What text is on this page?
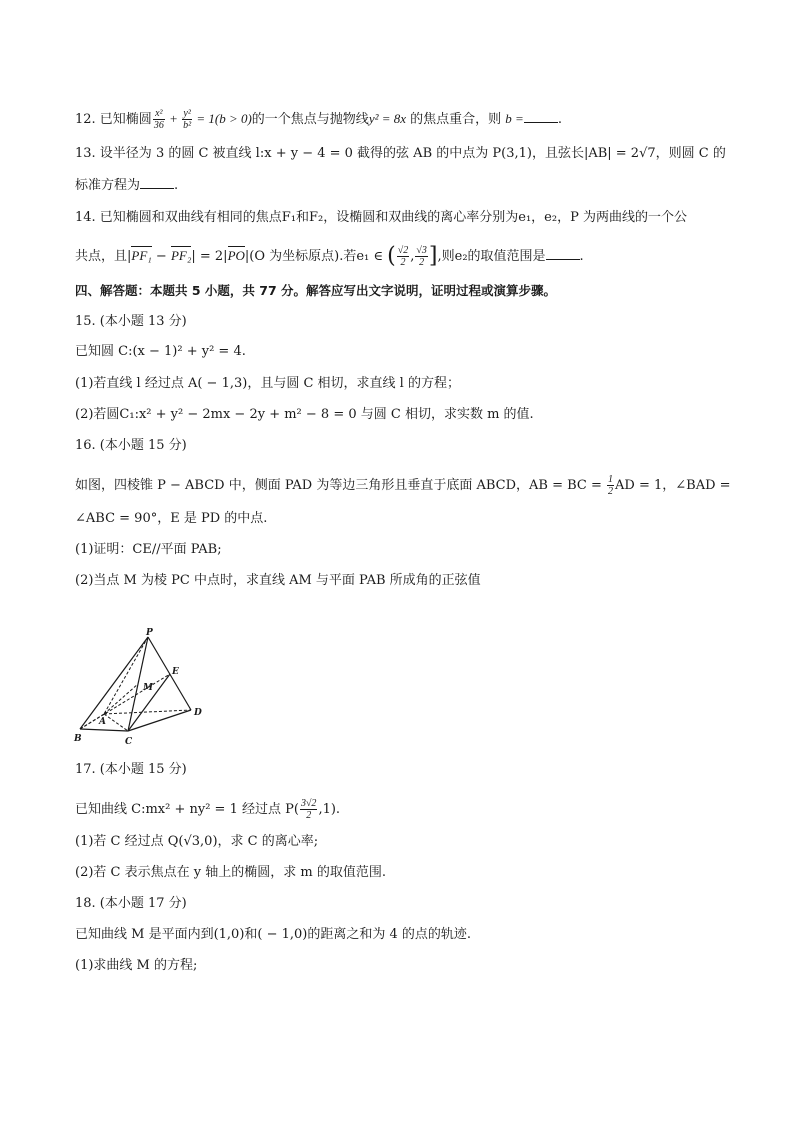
12. 已知椭圆 $\frac{\text{x²}}{36} + \frac{\text{y²}}{\text{b²}} = 1(b > 0)$的一个焦点与抛物线y² = 8x 的焦点重合，则 b =	.
13. 设半径为 3 的圆 C 被直线 l:x + y − 4 = 0 截得的弦 AB 的中点为 P(3,1)，且弦长|AB| = 2√7，则圆 C 的
标准方程为	.
14. 已知椭圆和双曲线有相同的焦点F₁和F₂，设椭圆和双曲线的离心率分别为e₁，e₂，P 为两曲线的一个公
共点，且|PF₁ − PF₂| = 2|PO|(O 为坐标原点).若e₁ ∈ ( $\frac{√2}{2}$ , $\frac{√3}{2}$ ],则e₂的取值范围是	.
四、解答题：本题共 5 小题，共 77 分。解答应写出文字说明，证明过程或演算步骤。
15. (本小题 13 分)
已知圆 C:(x − 1)² + y² = 4.
(1)若直线 l 经过点 A( − 1,3)，且与圆 C 相切，求直线 l 的方程；
(2)若圆C₁:x² + y² − 2mx − 2y + m² − 8 = 0 与圆 C 相切，求实数 m 的值.
16. (本小题 15 分)
如图，四棱锥 P − ABCD 中，侧面 PAD 为等边三角形且垂直于底面 ABCD，AB = BC = $\frac{1}{2}$ AD = 1，∠BAD =
∠ABC = 90°，E 是 PD 的中点.
(1)证明：CE//平面 PAB;
(2)当点 M 为棱 PC 中点时，求直线 AM 与平面 PAB 所成角的正弦值
P
E
M
A
D
B	C
17. (本小题 15 分)
已知曲线 C:mx² + ny² = 1 经过点 $P( \frac{3√2}{2} ,1)$.
(1)若 C 经过点 Q(√3,0)，求 C 的离心率;
(2)若 C 表示焦点在 y 轴上的椭圆，求 m 的取值范围.
18. (本小题 17 分)
已知曲线 M 是平面内到(1,0)和( − 1,0)的距离之和为 4 的点的轨迹.
(1)求曲线 M 的方程;
